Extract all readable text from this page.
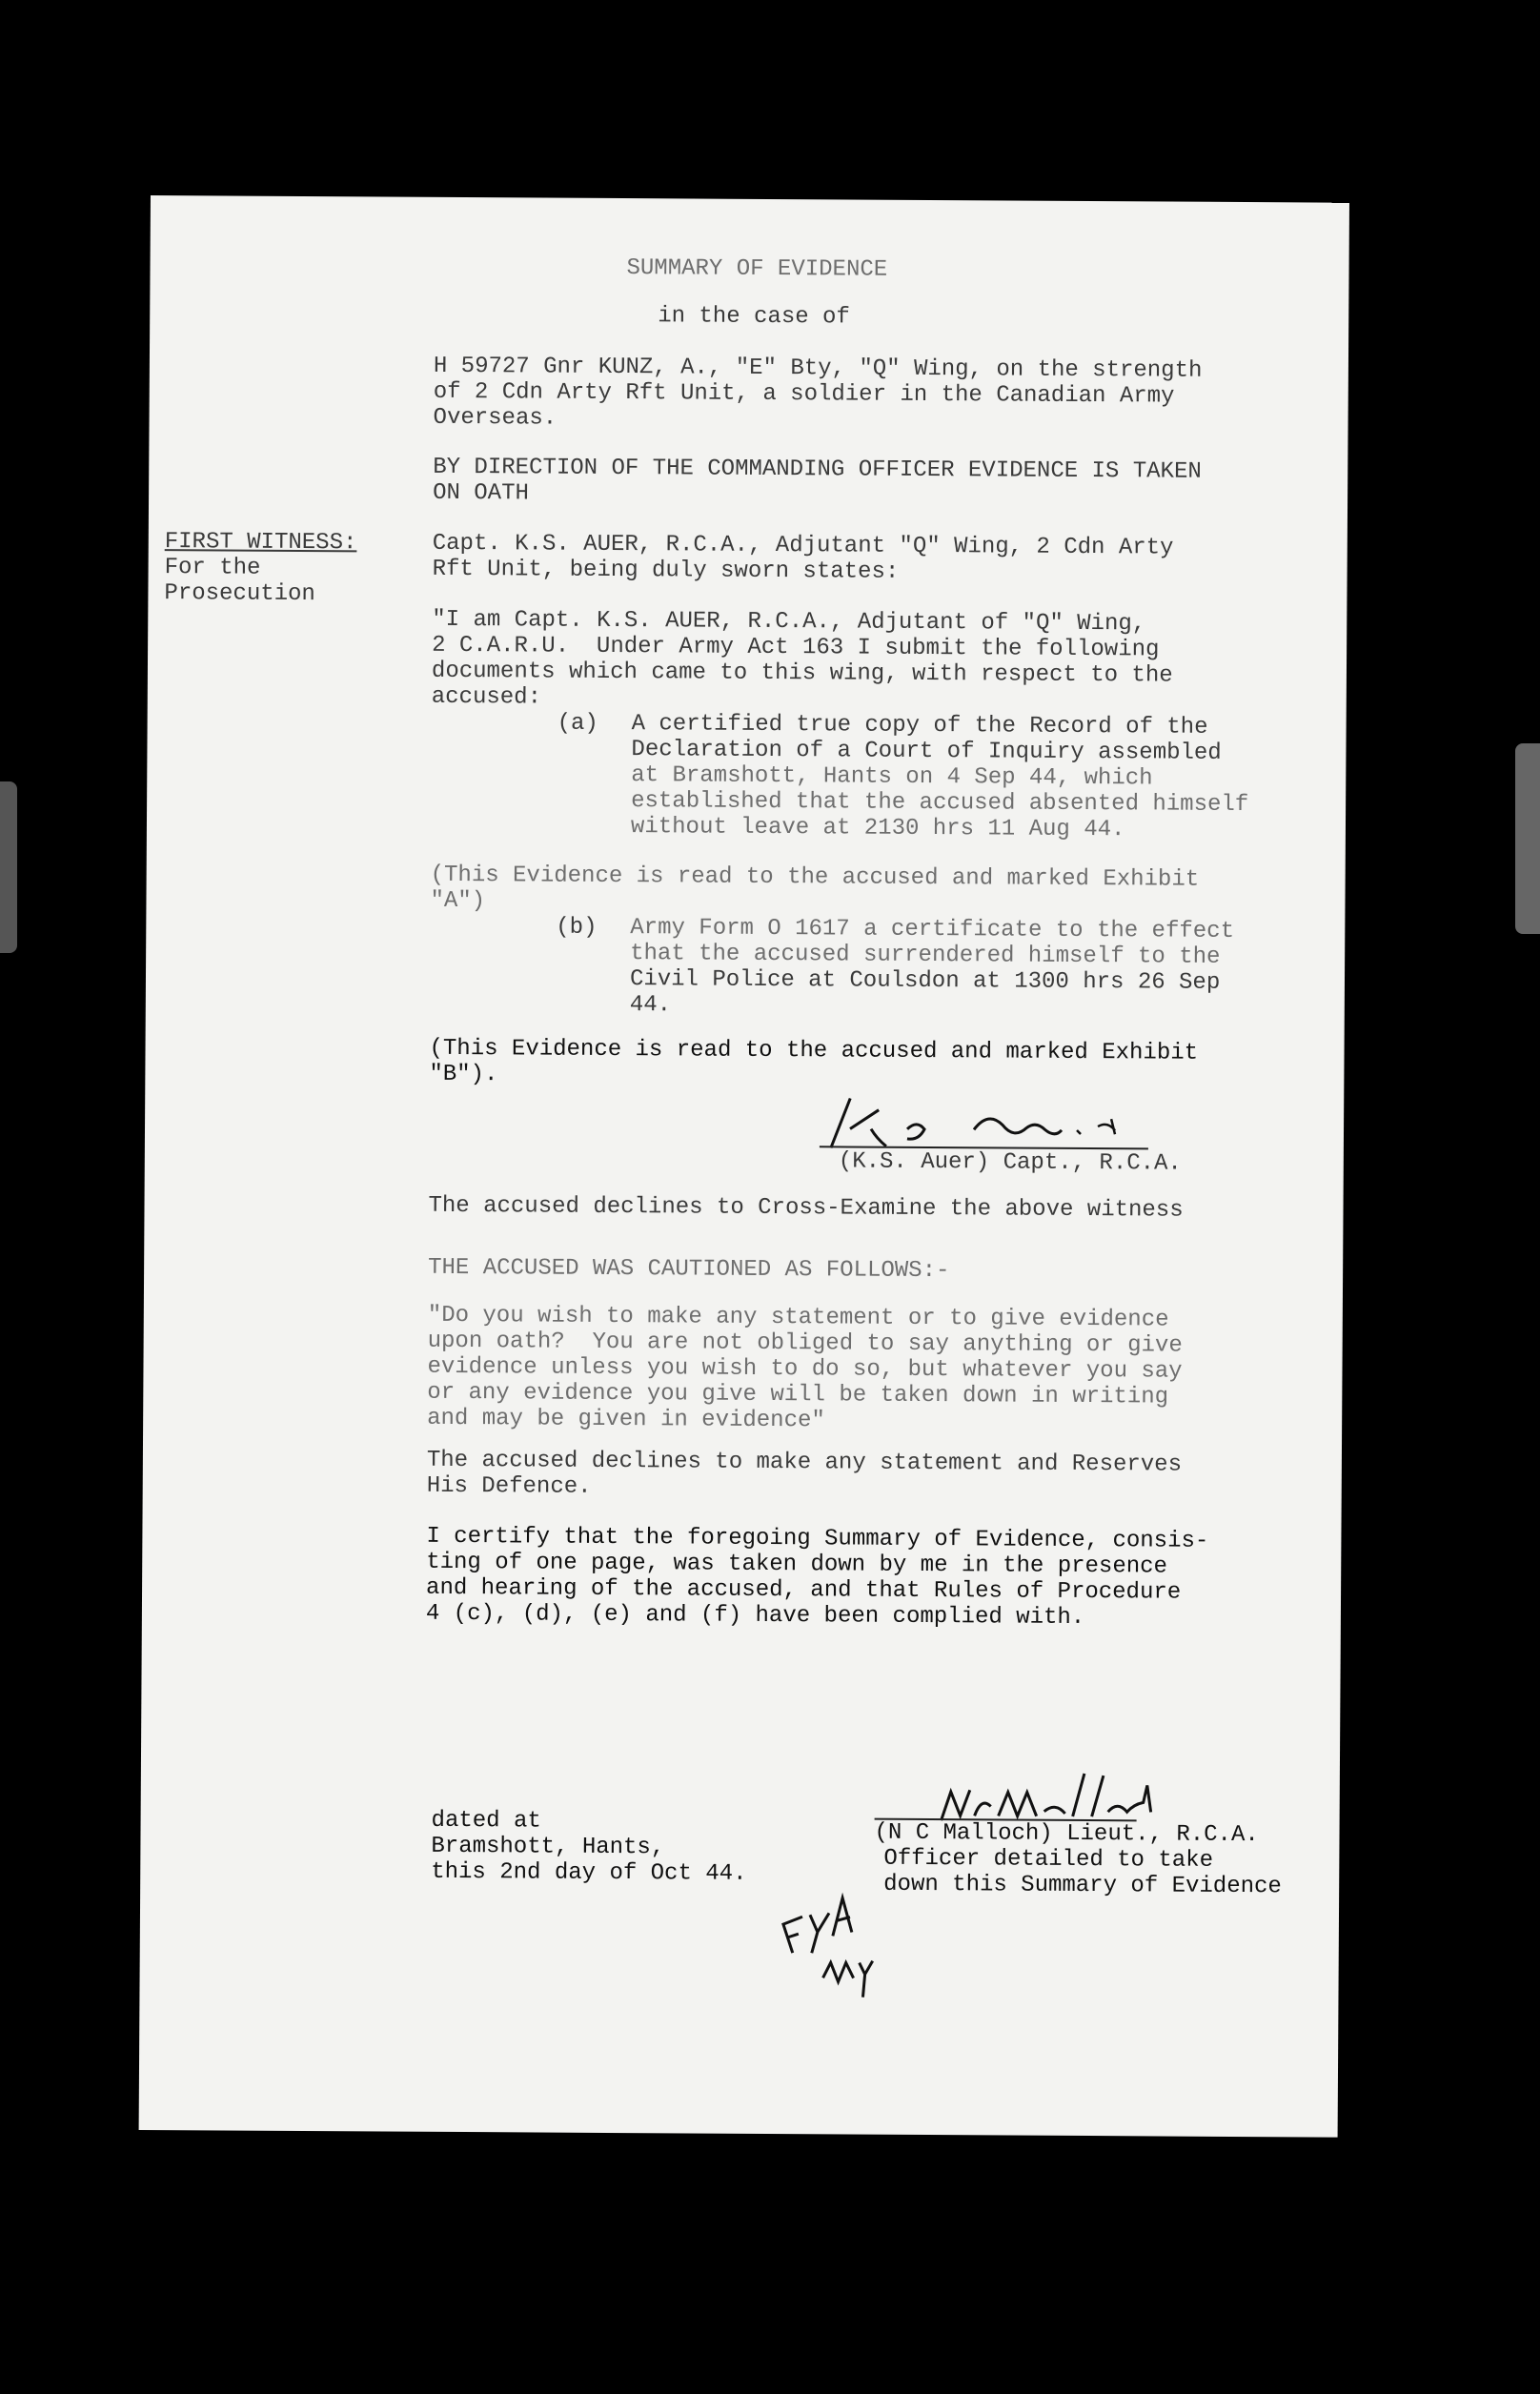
SUMMARY OF EVIDENCE
in the case of
H 59727 Gnr KUNZ, A., "E" Bty, "Q" Wing, on the strength
of 2 Cdn Arty Rft Unit, a soldier in the Canadian Army
Overseas.
BY DIRECTION OF THE COMMANDING OFFICER EVIDENCE IS TAKEN
ON OATH
FIRST WITNESS:
For the
Prosecution
Capt. K.S. AUER, R.C.A., Adjutant "Q" Wing, 2 Cdn Arty
Rft Unit, being duly sworn states:
"I am Capt. K.S. AUER, R.C.A., Adjutant of "Q" Wing,
2 C.A.R.U.  Under Army Act 163 I submit the following
documents which came to this wing, with respect to the
accused:
(a) A certified true copy of the Record of the
Declaration of a Court of Inquiry assembled
at Bramshott, Hants on 4 Sep 44, which
established that the accused absented himself
without leave at 2130 hrs 11 Aug 44.
(This Evidence is read to the accused and marked Exhibit
"A")
(b) Army Form O 1617 a certificate to the effect
that the accused surrendered himself to the
Civil Police at Coulsdon at 1300 hrs 26 Sep
44.
(This Evidence is read to the accused and marked Exhibit
"B").
(K.S. Auer) Capt., R.C.A.
The accused declines to Cross-Examine the above witness
THE ACCUSED WAS CAUTIONED AS FOLLOWS:-
"Do you wish to make any statement or to give evidence
upon oath?  You are not obliged to say anything or give
evidence unless you wish to do so, but whatever you say
or any evidence you give will be taken down in writing
and may be given in evidence"
The accused declines to make any statement and Reserves
His Defence.
I certify that the foregoing Summary of Evidence, consis-
ting of one page, was taken down by me in the presence
and hearing of the accused, and that Rules of Procedure
4 (c), (d), (e) and (f) have been complied with.
dated at
Bramshott, Hants,
this 2nd day of Oct 44.
(N C Malloch) Lieut., R.C.A.
Officer detailed to take
down this Summary of Evidence
